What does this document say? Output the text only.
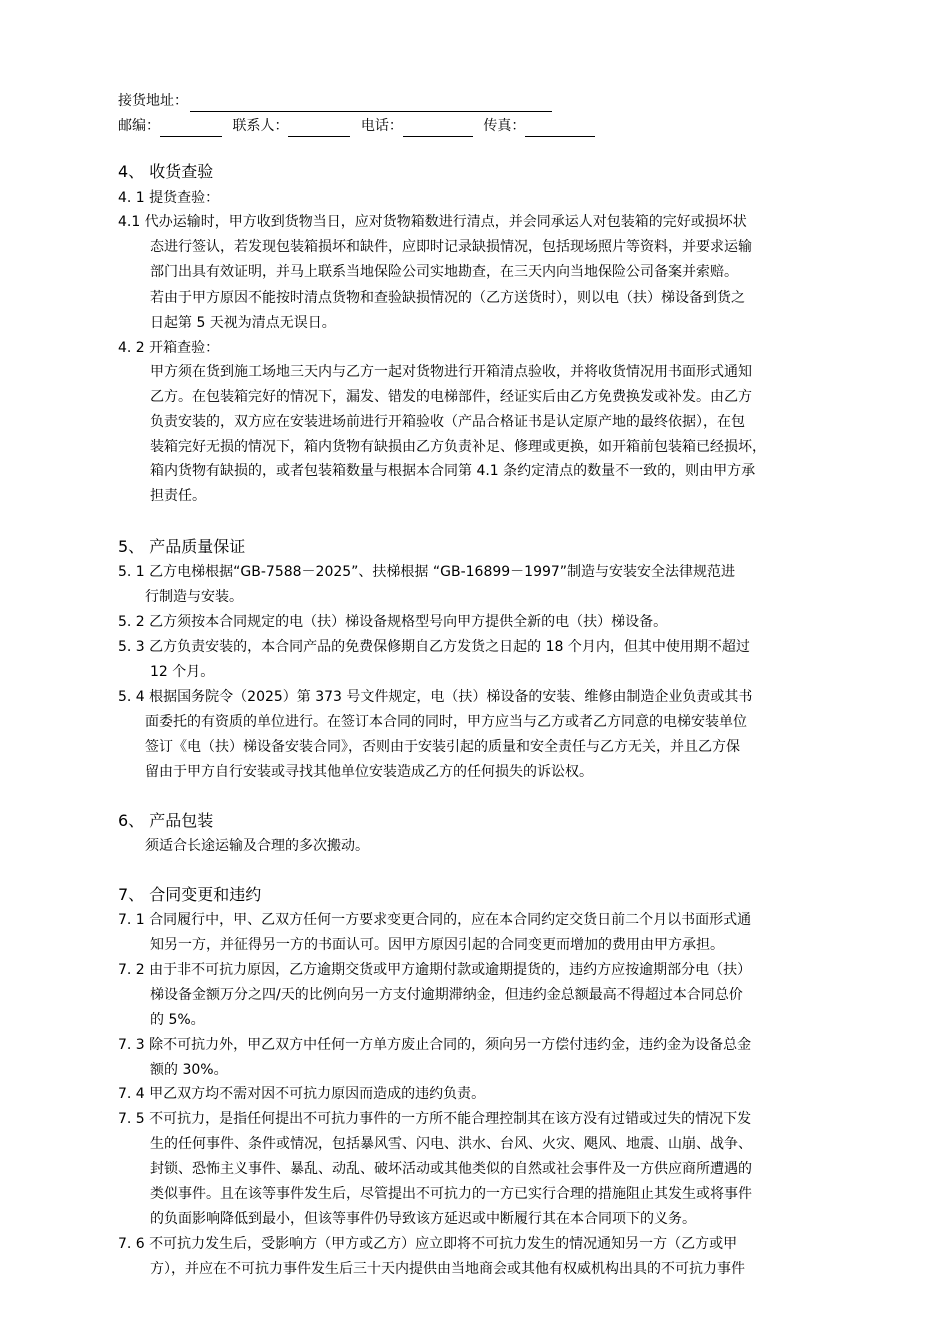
接货地址：
邮编：	联系人：	电话：	传真：
4、 收货查验
4. 1 提货查验：
4.1 代办运输时，甲方收到货物当日，应对货物箱数进行清点，并会同承运人对包装箱的完好或损坏状
态进行签认，若发现包装箱损坏和缺件，应即时记录缺损情况，包括现场照片等资料，并要求运输
部门出具有效证明，并马上联系当地保险公司实地勘查，在三天内向当地保险公司备案并索赔。
若由于甲方原因不能按时清点货物和查验缺损情况的（乙方送货时），则以电（扶）梯设备到货之
日起第 5 天视为清点无误日。
4. 2 开箱查验：
甲方须在货到施工场地三天内与乙方一起对货物进行开箱清点验收，并将收货情况用书面形式通知
乙方。在包装箱完好的情况下，漏发、错发的电梯部件，经证实后由乙方免费换发或补发。由乙方
负责安装的，双方应在安装进场前进行开箱验收（产品合格证书是认定原产地的最终依据），在包
装箱完好无损的情况下，箱内货物有缺损由乙方负责补足、修理或更换，如开箱前包装箱已经损坏，
箱内货物有缺损的，或者包装箱数量与根据本合同第 4.1 条约定清点的数量不一致的，则由甲方承
担责任。
5、 产品质量保证
5. 1 乙方电梯根据“GB-7588－2025”、扶梯根据 “GB-16899－1997”制造与安装安全法律规范进
行制造与安装。
5. 2 乙方须按本合同规定的电（扶）梯设备规格型号向甲方提供全新的电（扶）梯设备。
5. 3 乙方负责安装的，本合同产品的免费保修期自乙方发货之日起的 18 个月内，但其中使用期不超过
12 个月。
5. 4 根据国务院令（2025）第 373 号文件规定，电（扶）梯设备的安装、维修由制造企业负责或其书
面委托的有资质的单位进行。在签订本合同的同时，甲方应当与乙方或者乙方同意的电梯安装单位
签订《电（扶）梯设备安装合同》，否则由于安装引起的质量和安全责任与乙方无关，并且乙方保
留由于甲方自行安装或寻找其他单位安装造成乙方的任何损失的诉讼权。
6、 产品包装
须适合长途运输及合理的多次搬动。
7、 合同变更和违约
7. 1 合同履行中，甲、乙双方任何一方要求变更合同的，应在本合同约定交货日前二个月以书面形式通
知另一方，并征得另一方的书面认可。因甲方原因引起的合同变更而增加的费用由甲方承担。
7. 2 由于非不可抗力原因，乙方逾期交货或甲方逾期付款或逾期提货的，违约方应按逾期部分电（扶）
梯设备金额万分之四/天的比例向另一方支付逾期滞纳金，但违约金总额最高不得超过本合同总价
的 5%。
7. 3 除不可抗力外，甲乙双方中任何一方单方废止合同的，须向另一方偿付违约金，违约金为设备总金
额的 30%。
7. 4 甲乙双方均不需对因不可抗力原因而造成的违约负责。
7. 5 不可抗力，是指任何提出不可抗力事件的一方所不能合理控制其在该方没有过错或过失的情况下发
生的任何事件、条件或情况，包括暴风雪、闪电、洪水、台风、火灾、飓风、地震、山崩、战争、
封锁、恐怖主义事件、暴乱、动乱、破坏活动或其他类似的自然或社会事件及一方供应商所遭遇的
类似事件。且在该等事件发生后，尽管提出不可抗力的一方已实行合理的措施阻止其发生或将事件
的负面影响降低到最小，但该等事件仍导致该方延迟或中断履行其在本合同项下的义务。
7. 6 不可抗力发生后，受影响方（甲方或乙方）应立即将不可抗力发生的情况通知另一方（乙方或甲
方），并应在不可抗力事件发生后三十天内提供由当地商会或其他有权威机构出具的不可抗力事件
